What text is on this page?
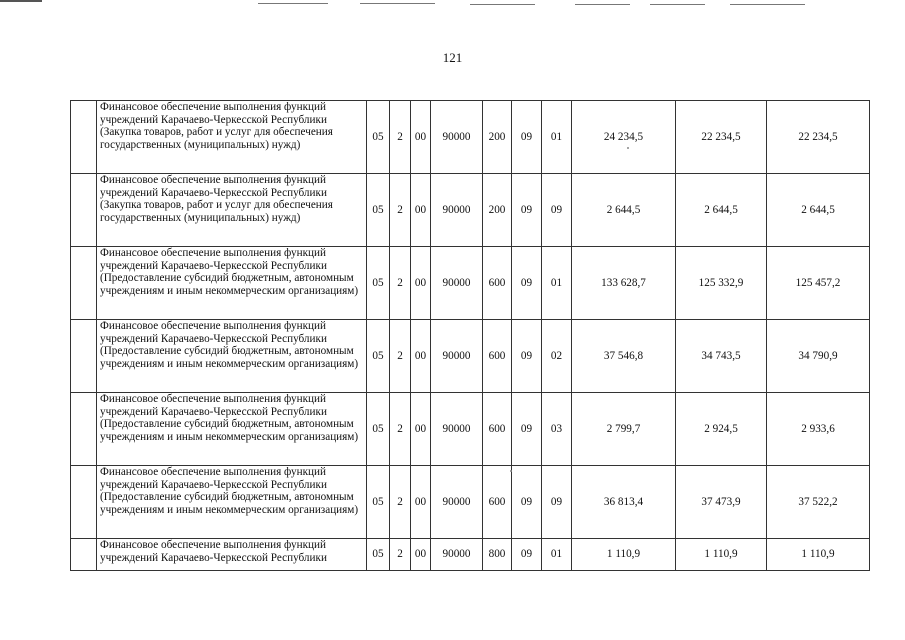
121
	Финансовое обеспечение выполнения функций учреждений Карачаево-Черкесской Республики (Закупка товаров, работ и услуг для обеспечения государственных (муниципальных) нужд)	05	2	00	90000	200	09	01	24 234,5	22 234,5	22 234,5
	Финансовое обеспечение выполнения функций учреждений Карачаево-Черкесской Республики (Закупка товаров, работ и услуг для обеспечения государственных (муниципальных) нужд)	05	2	00	90000	200	09	09	2 644,5	2 644,5	2 644,5
	Финансовое обеспечение выполнения функций учреждений Карачаево-Черкесской Республики (Предоставление субсидий бюджетным, автономным учреждениям и иным некоммерческим организациям)	05	2	00	90000	600	09	01	133 628,7	125 332,9	125 457,2
	Финансовое обеспечение выполнения функций учреждений Карачаево-Черкесской Республики (Предоставление субсидий бюджетным, автономным учреждениям и иным некоммерческим организациям)	05	2	00	90000	600	09	02	37 546,8	34 743,5	34 790,9
	Финансовое обеспечение выполнения функций учреждений Карачаево-Черкесской Республики (Предоставление субсидий бюджетным, автономным учреждениям и иным некоммерческим организациям)	05	2	00	90000	600	09	03	2 799,7	2 924,5	2 933,6
	Финансовое обеспечение выполнения функций учреждений Карачаево-Черкесской Республики (Предоставление субсидий бюджетным, автономным учреждениям и иным некоммерческим организациям)	05	2	00	90000	600	09	09	36 813,4	37 473,9	37 522,2
	Финансовое обеспечение выполнения функций учреждений Карачаево-Черкесской Республики	05	2	00	90000	800	09	01	1 110,9	1 110,9	1 110,9
